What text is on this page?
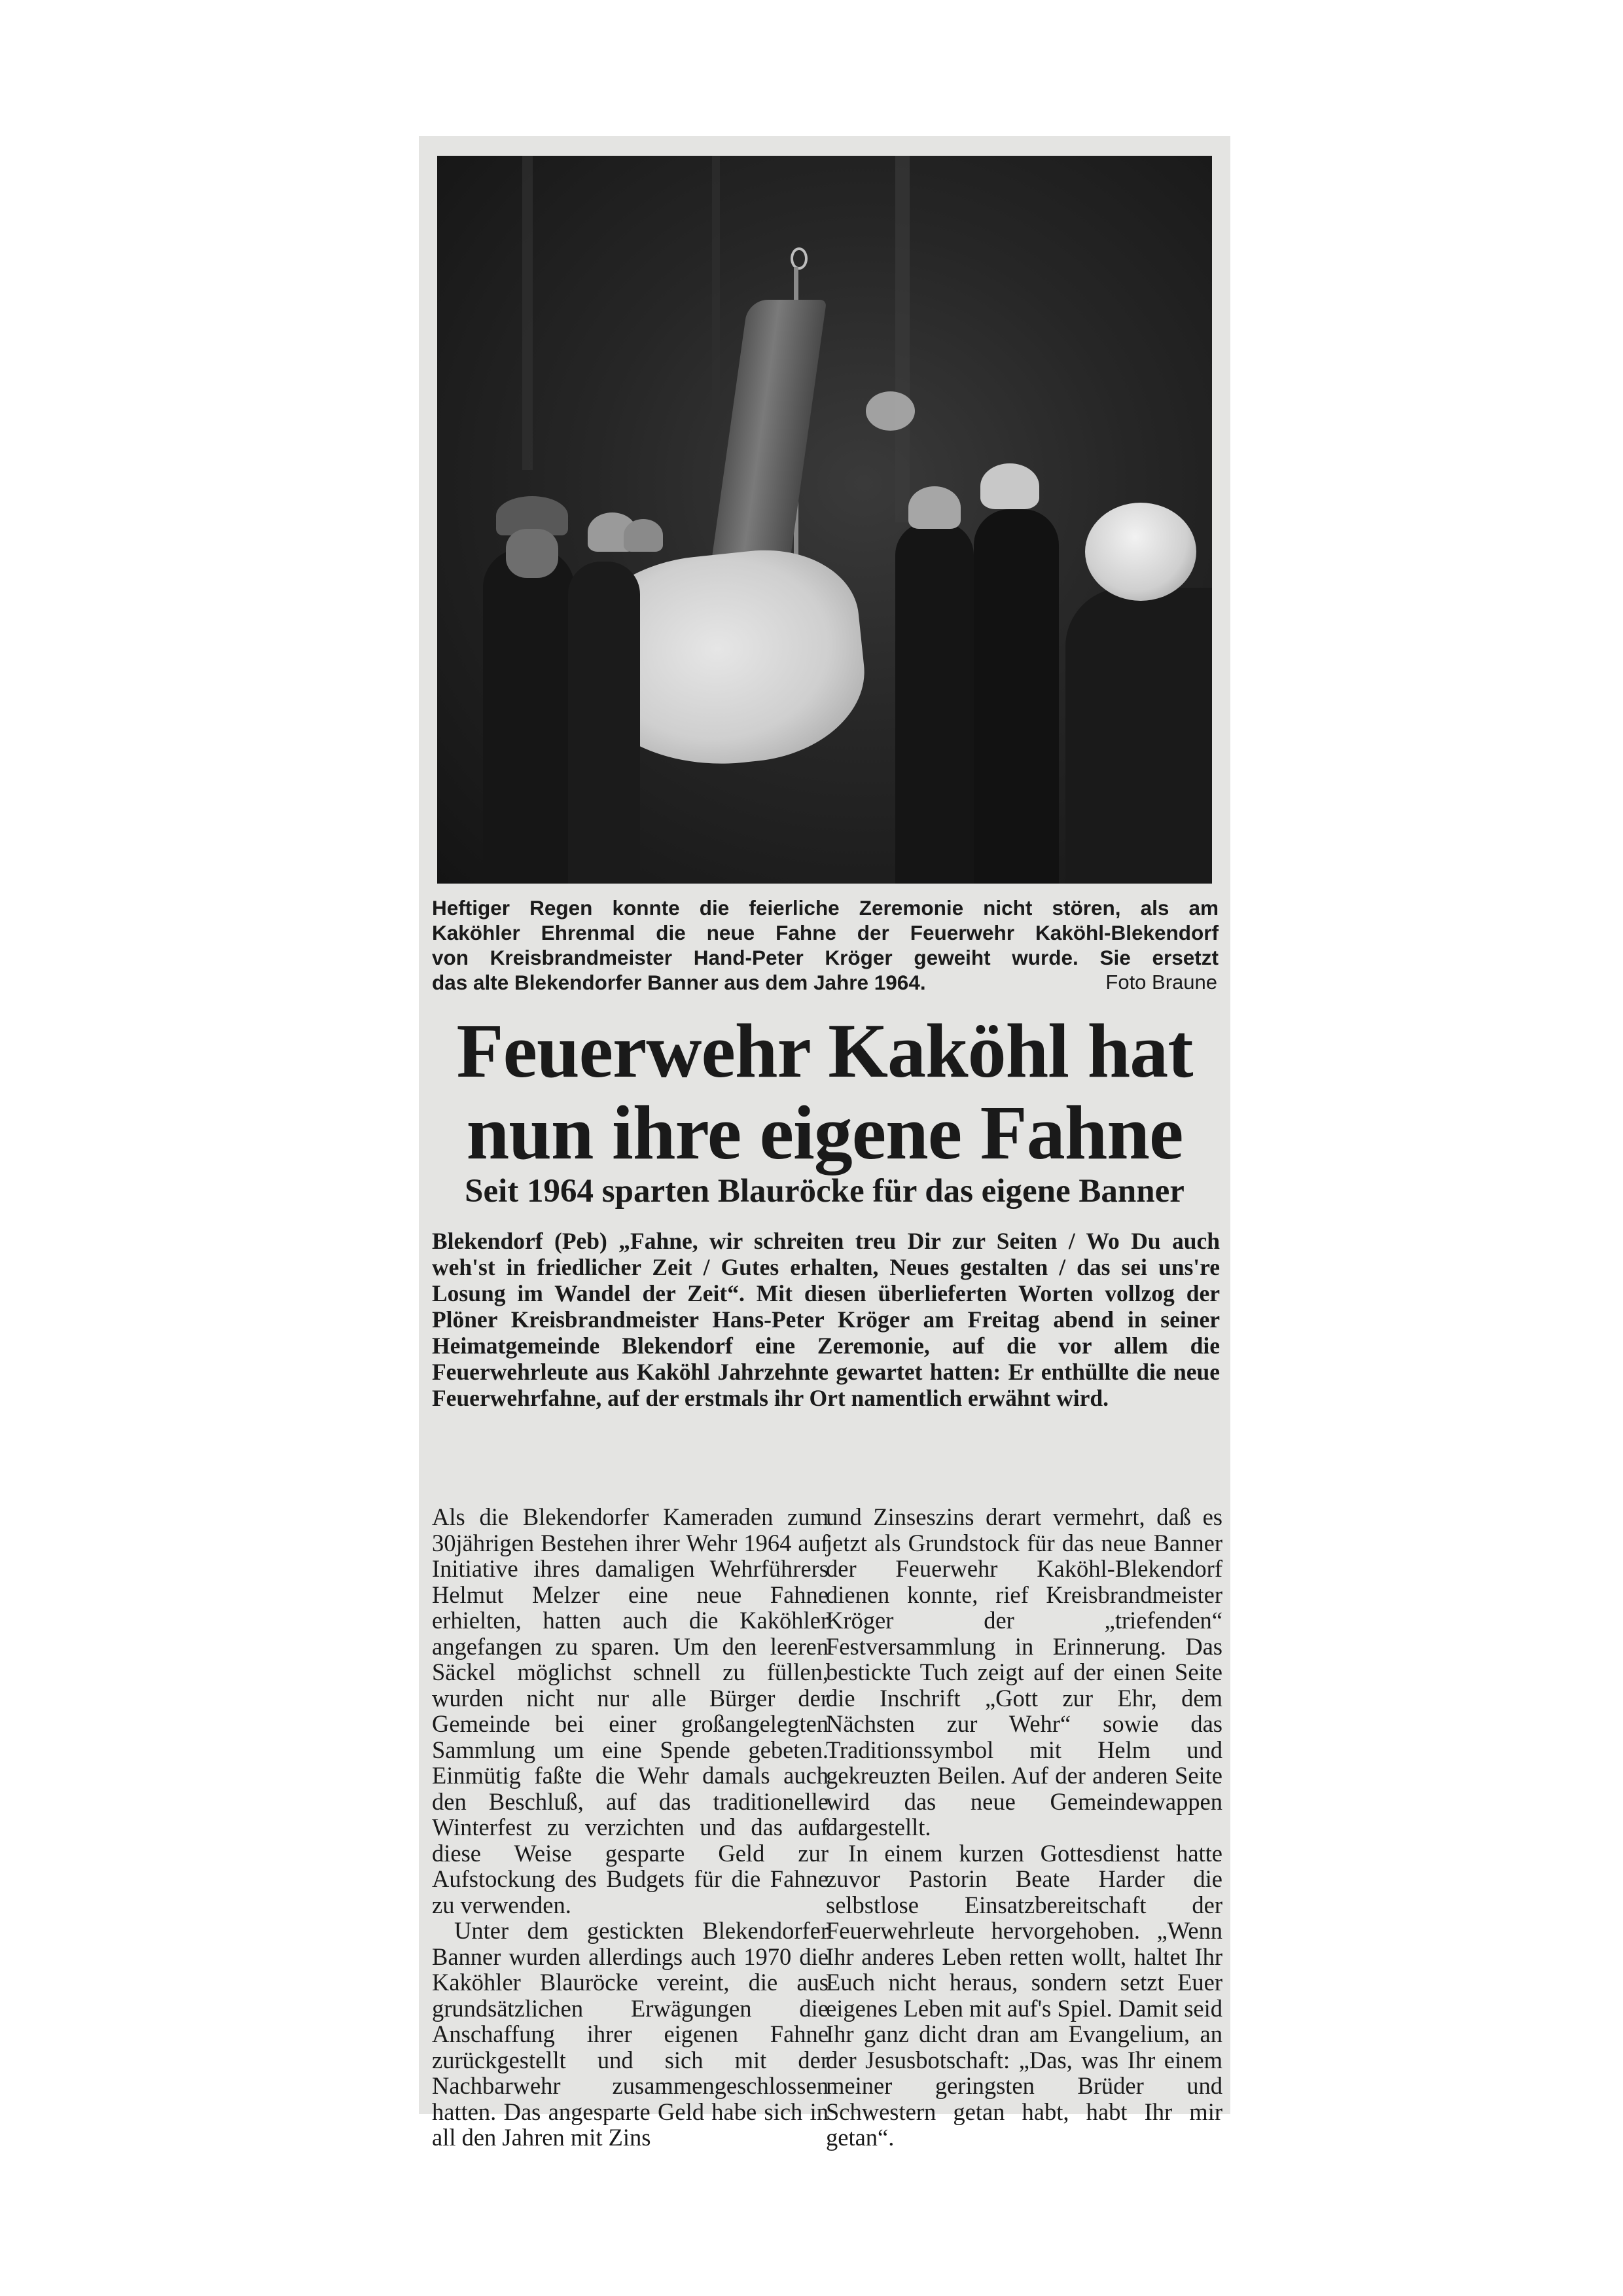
Heftiger Regen konnte die feierliche Zeremonie nicht stören, als am
Kaköhler Ehrenmal die neue Fahne der Feuerwehr Kaköhl-Blekendorf
von Kreisbrandmeister Hand-Peter Kröger geweiht wurde. Sie ersetzt
das alte Blekendorfer Banner aus dem Jahre 1964.	Foto Braune
Feuerwehr Kaköhl hat nun ihre eigene Fahne
Seit 1964 sparten Blauröcke für das eigene Banner

Blekendorf (Peb) „Fahne, wir schreiten treu Dir zur Seiten / Wo Du auch weh'st in friedlicher Zeit / Gutes erhalten, Neues gestalten / das sei uns're Losung im Wandel der Zeit“. Mit diesen überlieferten Worten vollzog der Plöner Kreisbrandmeister Hans-Peter Kröger am Freitag abend in seiner Heimatgemeinde Blekendorf eine Zeremonie, auf die vor allem die Feuerwehrleute aus Kaköhl Jahrzehnte gewartet hatten: Er enthüllte die neue Feuerwehrfahne, auf der erstmals ihr Ort namentlich erwähnt wird.

Als die Blekendorfer Kameraden zum 30jährigen Bestehen ihrer Wehr 1964 auf Initiative ihres damaligen Wehrführers Helmut Melzer eine neue Fahne erhielten, hatten auch die Kaköhler angefangen zu sparen. Um den leeren Säckel möglichst schnell zu füllen, wurden nicht nur alle Bürger der Gemeinde bei einer großangelegten Sammlung um eine Spende gebeten. Einmütig faßte die Wehr damals auch den Beschluß, auf das traditionelle Winterfest zu verzichten und das auf diese Weise gesparte Geld zur Aufstockung des Budgets für die Fahne zu verwenden.

Unter dem gestickten Blekendorfer Banner wurden allerdings auch 1970 die Kaköhler Blauröcke vereint, die aus grundsätzlichen Erwägungen die Anschaffung ihrer eigenen Fahne zurückgestellt und sich mit der Nachbarwehr zusammengeschlossen hatten. Das angesparte Geld habe sich in all den Jahren mit Zins

und Zinseszins derart vermehrt, daß es jetzt als Grundstock für das neue Banner der Feuerwehr Kaköhl-Blekendorf dienen konnte, rief Kreisbrandmeister Kröger der „triefenden“ Festversammlung in Erinnerung. Das bestickte Tuch zeigt auf der einen Seite die Inschrift „Gott zur Ehr, dem Nächsten zur Wehr“ sowie das Traditionssymbol mit Helm und gekreuzten Beilen. Auf der anderen Seite wird das neue Gemeindewappen dargestellt.

In einem kurzen Gottesdienst hatte zuvor Pastorin Beate Harder die selbstlose Einsatzbereitschaft der Feuerwehrleute hervorgehoben. „Wenn Ihr anderes Leben retten wollt, haltet Ihr Euch nicht heraus, sondern setzt Euer eigenes Leben mit auf's Spiel. Damit seid Ihr ganz dicht dran am Evangelium, an der Jesusbotschaft: „Das, was Ihr einem meiner geringsten Brüder und Schwestern getan habt, habt Ihr mir getan“.
